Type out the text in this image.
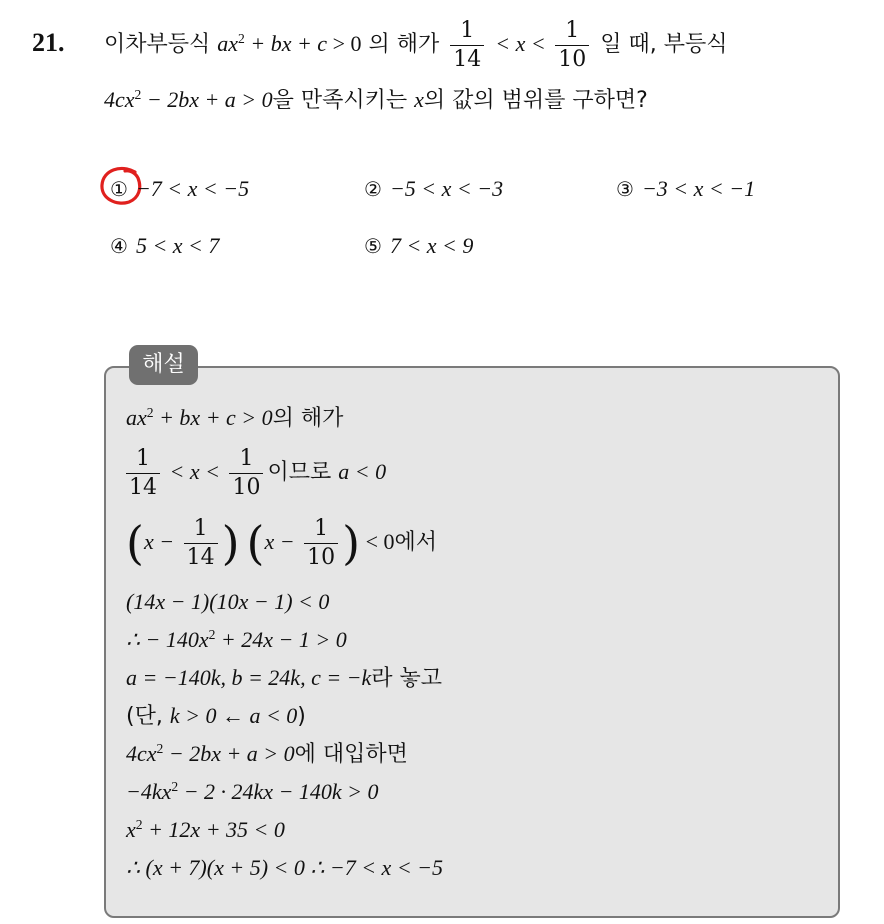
21. 이차부등식 $ax^2$ + bx + c > 0 의 해가 $\frac{1}{14} < x < \frac{1}{10}$ 일 때, 부등식
$4cx^2 - 2bx + a > 0$을 만족시키는 x의 값의 범위를 구하면?
① −7 < x < −5	② −5 < x < −3	③ −3 < x < −1
④ 5 < x < 7	⑤ 7 < x < 9
해설
$ax^2$ + bx + c > 0의 해가
$\frac{1}{14} < x < \frac{1}{10}$ 이므로 a < 0
($x - \frac{1}{14}$ ) ($x - \frac{1}{10}$ ) < 0에서
(14x − 1)(10x − 1) < 0
∴ − $140x^2 + 24x - 1 > 0$
a = −140k, b = 24k, c = −k라 놓고
(단, k > 0 ← a < 0)
$4cx^2 - 2bx + a > 0$에 대입하면
$-4kx^2 - 2 \cdot 24kx - 140k > 0$
$x^2 + 12x + 35 < 0$
∴ (x + 7)(x + 5) < 0 ∴ −7 < x < −5
